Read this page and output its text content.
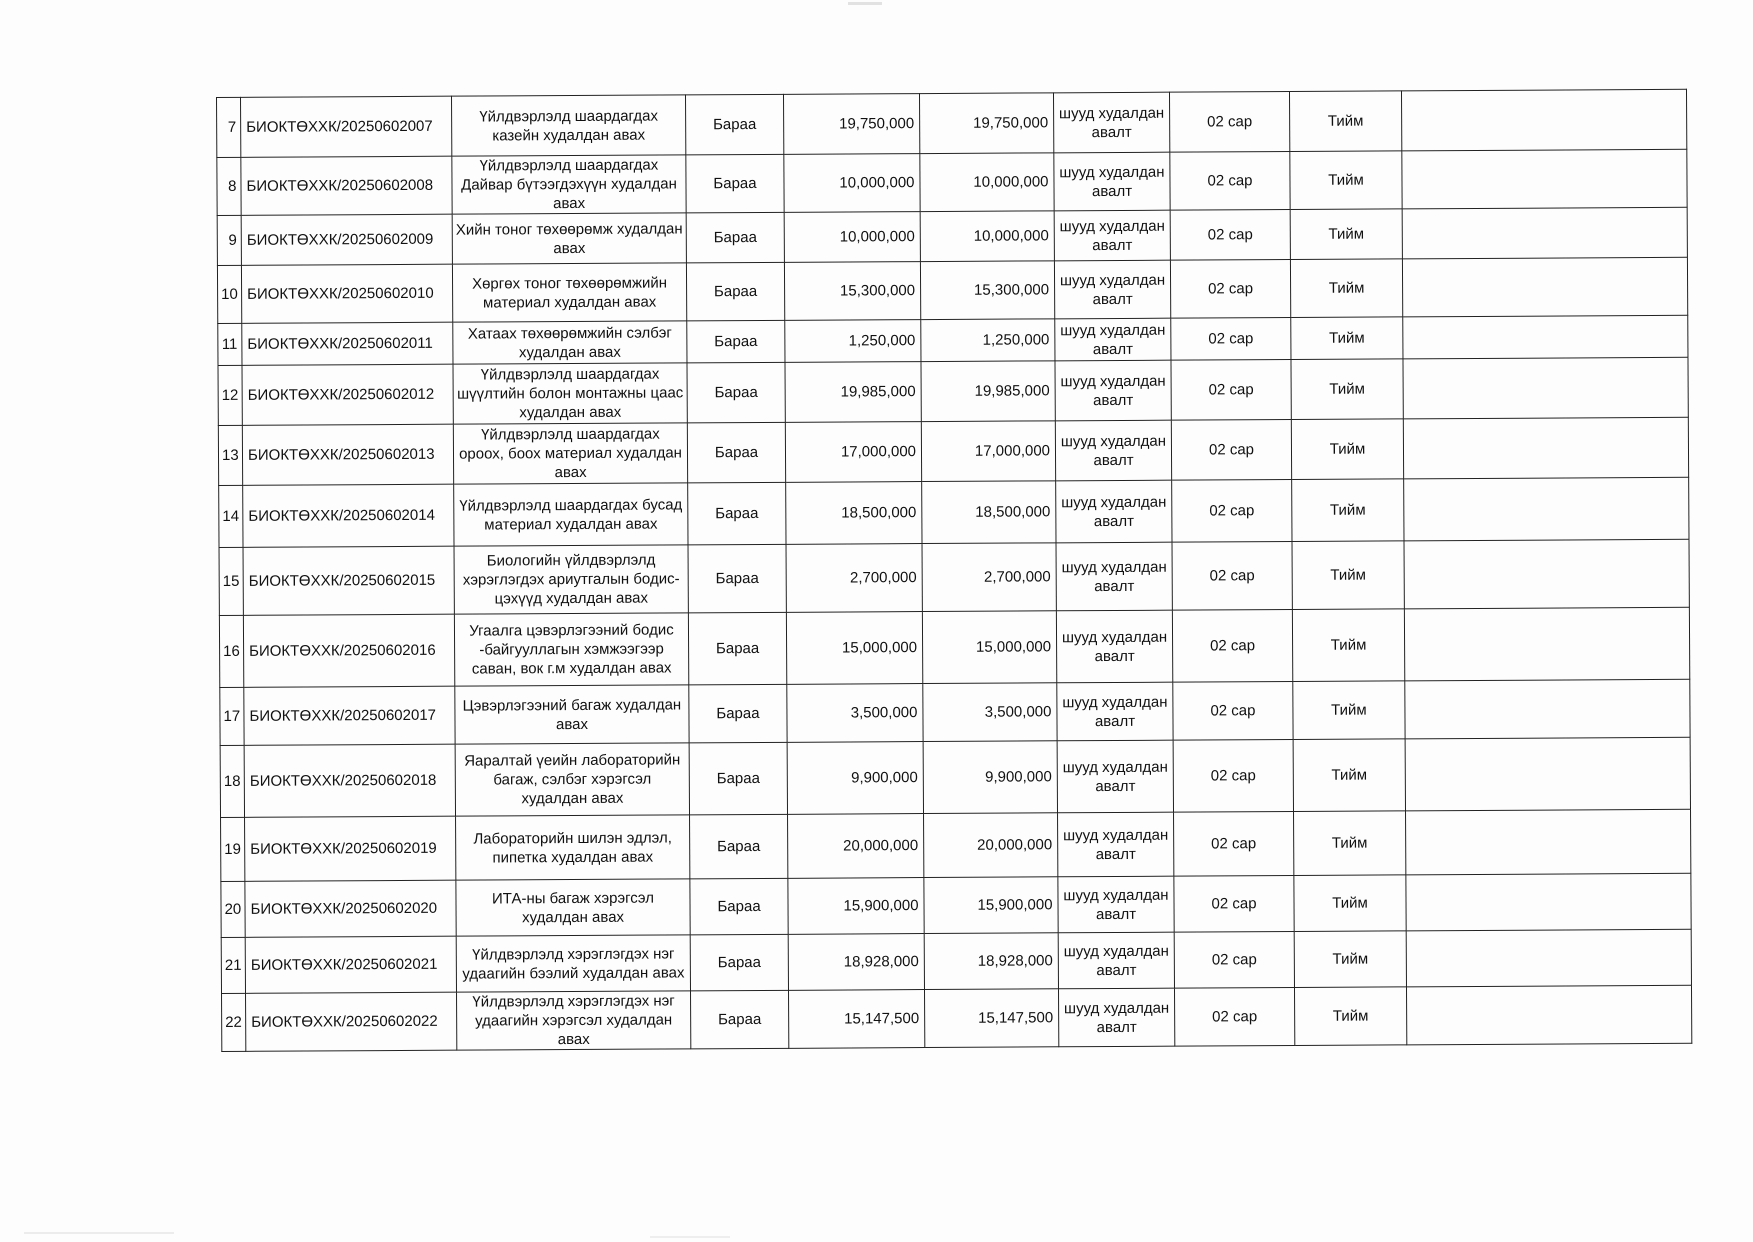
7	БИОКТӨХХК/20250602007	Үйлдвэрлэлд шаардагдах казейн худалдан авах	Бараа	19,750,000	19,750,000	шууд худалдан авалт	02 сар	Тийм	
8	БИОКТӨХХК/20250602008	Үйлдвэрлэлд шаардагдах Дайвар бүтээгдэхүүн худалдан авах	Бараа	10,000,000	10,000,000	шууд худалдан авалт	02 сар	Тийм	
9	БИОКТӨХХК/20250602009	Хийн тоног төхөөрөмж худалдан авах	Бараа	10,000,000	10,000,000	шууд худалдан авалт	02 сар	Тийм	
10	БИОКТӨХХК/20250602010	Хөргөх тоног төхөөрөмжийн материал худалдан авах	Бараа	15,300,000	15,300,000	шууд худалдан авалт	02 сар	Тийм	
11	БИОКТӨХХК/20250602011	Хатаах төхөөрөмжийн сэлбэг худалдан авах	Бараа	1,250,000	1,250,000	шууд худалдан авалт	02 сар	Тийм	
12	БИОКТӨХХК/20250602012	Үйлдвэрлэлд шаардагдах шүүлтийн болон монтажны цаас худалдан авах	Бараа	19,985,000	19,985,000	шууд худалдан авалт	02 сар	Тийм	
13	БИОКТӨХХК/20250602013	Үйлдвэрлэлд шаардагдах ороох, боох материал худалдан авах	Бараа	17,000,000	17,000,000	шууд худалдан авалт	02 сар	Тийм	
14	БИОКТӨХХК/20250602014	Үйлдвэрлэлд шаардагдах бусад материал худалдан авах	Бараа	18,500,000	18,500,000	шууд худалдан авалт	02 сар	Тийм	
15	БИОКТӨХХК/20250602015	Биологийн үйлдвэрлэлд хэрэглэгдэх ариутгалын бодис-цэхүүд худалдан авах	Бараа	2,700,000	2,700,000	шууд худалдан авалт	02 сар	Тийм	
16	БИОКТӨХХК/20250602016	Угаалга цэвэрлэгээний бодис -байгууллагын хэмжээгээр саван, вок г.м худалдан авах	Бараа	15,000,000	15,000,000	шууд худалдан авалт	02 сар	Тийм	
17	БИОКТӨХХК/20250602017	Цэвэрлэгээний багаж худалдан авах	Бараа	3,500,000	3,500,000	шууд худалдан авалт	02 сар	Тийм	
18	БИОКТӨХХК/20250602018	Яаралтай үеийн лабораторийн багаж, сэлбэг хэрэгсэл худалдан авах	Бараа	9,900,000	9,900,000	шууд худалдан авалт	02 сар	Тийм	
19	БИОКТӨХХК/20250602019	Лабораторийн шилэн эдлэл, пипетка худалдан авах	Бараа	20,000,000	20,000,000	шууд худалдан авалт	02 сар	Тийм	
20	БИОКТӨХХК/20250602020	ИТА-ны багаж хэрэгсэл худалдан авах	Бараа	15,900,000	15,900,000	шууд худалдан авалт	02 сар	Тийм	
21	БИОКТӨХХК/20250602021	Үйлдвэрлэлд хэрэглэгдэх нэг удаагийн бээлий худалдан авах	Бараа	18,928,000	18,928,000	шууд худалдан авалт	02 сар	Тийм	
22	БИОКТӨХХК/20250602022	Үйлдвэрлэлд хэрэглэгдэх нэг удаагийн хэрэгсэл худалдан авах	Бараа	15,147,500	15,147,500	шууд худалдан авалт	02 сар	Тийм	
